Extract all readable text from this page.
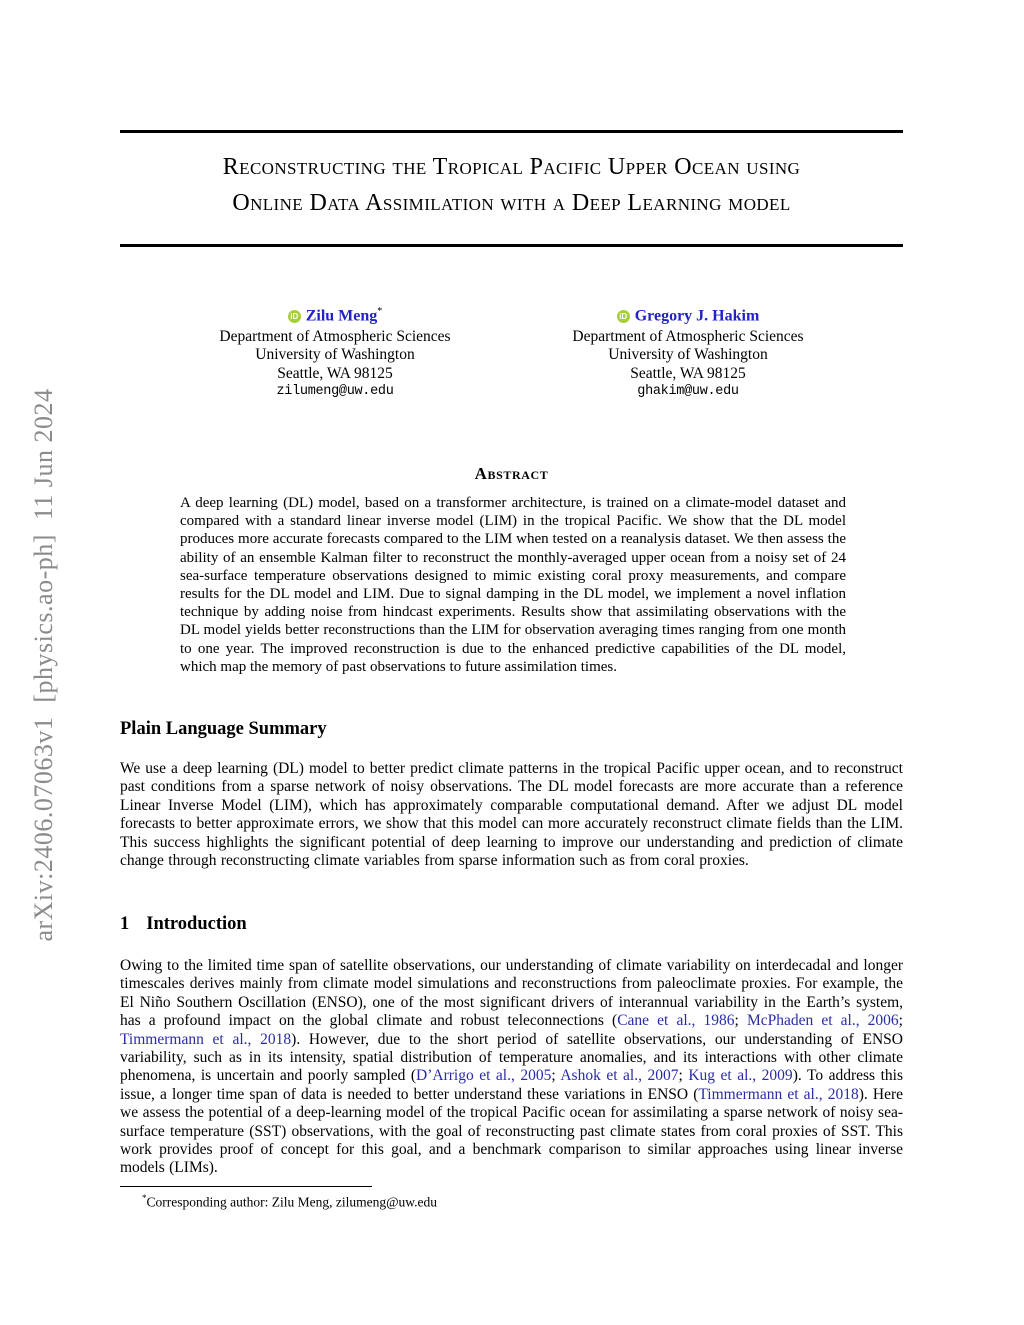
arXiv:2406.07063v1  [physics.ao-ph]  11 Jun 2024
Reconstructing the Tropical Pacific Upper Ocean using
Online Data Assimilation with a Deep Learning model
iD Zilu Meng*
Department of Atmospheric Sciences
University of Washington
Seattle, WA 98125
zilumeng@uw.edu
iD Gregory J. Hakim
Department of Atmospheric Sciences
University of Washington
Seattle, WA 98125
ghakim@uw.edu
Abstract
A deep learning (DL) model, based on a transformer architecture, is trained on a climate-model dataset and compared with a standard linear inverse model (LIM) in the tropical Pacific. We show that the DL model produces more accurate forecasts compared to the LIM when tested on a reanalysis dataset. We then assess the ability of an ensemble Kalman filter to reconstruct the monthly-averaged upper ocean from a noisy set of 24 sea-surface temperature observations designed to mimic existing coral proxy measurements, and compare results for the DL model and LIM. Due to signal damping in the DL model, we implement a novel inflation technique by adding noise from hindcast experiments. Results show that assimilating observations with the DL model yields better reconstructions than the LIM for observation averaging times ranging from one month to one year. The improved reconstruction is due to the enhanced predictive capabilities of the DL model, which map the memory of past observations to future assimilation times.
Plain Language Summary
We use a deep learning (DL) model to better predict climate patterns in the tropical Pacific upper ocean, and to reconstruct past conditions from a sparse network of noisy observations. The DL model forecasts are more accurate than a reference Linear Inverse Model (LIM), which has approximately comparable computational demand. After we adjust DL model forecasts to better approximate errors, we show that this model can more accurately reconstruct climate fields than the LIM. This success highlights the significant potential of deep learning to improve our understanding and prediction of climate change through reconstructing climate variables from sparse information such as from coral proxies.
1 Introduction
Owing to the limited time span of satellite observations, our understanding of climate variability on interdecadal and longer timescales derives mainly from climate model simulations and reconstructions from paleoclimate proxies. For example, the El Niño Southern Oscillation (ENSO), one of the most significant drivers of interannual variability in the Earth’s system, has a profound impact on the global climate and robust teleconnections (Cane et al., 1986; McPhaden et al., 2006; Timmermann et al., 2018). However, due to the short period of satellite observations, our understanding of ENSO variability, such as in its intensity, spatial distribution of temperature anomalies, and its interactions with other climate phenomena, is uncertain and poorly sampled (D’Arrigo et al., 2005; Ashok et al., 2007; Kug et al., 2009). To address this issue, a longer time span of data is needed to better understand these variations in ENSO (Timmermann et al., 2018). Here we assess the potential of a deep-learning model of the tropical Pacific ocean for assimilating a sparse network of noisy sea-surface temperature (SST) observations, with the goal of reconstructing past climate states from coral proxies of SST. This work provides proof of concept for this goal, and a benchmark comparison to similar approaches using linear inverse models (LIMs).
*Corresponding author: Zilu Meng, zilumeng@uw.edu
